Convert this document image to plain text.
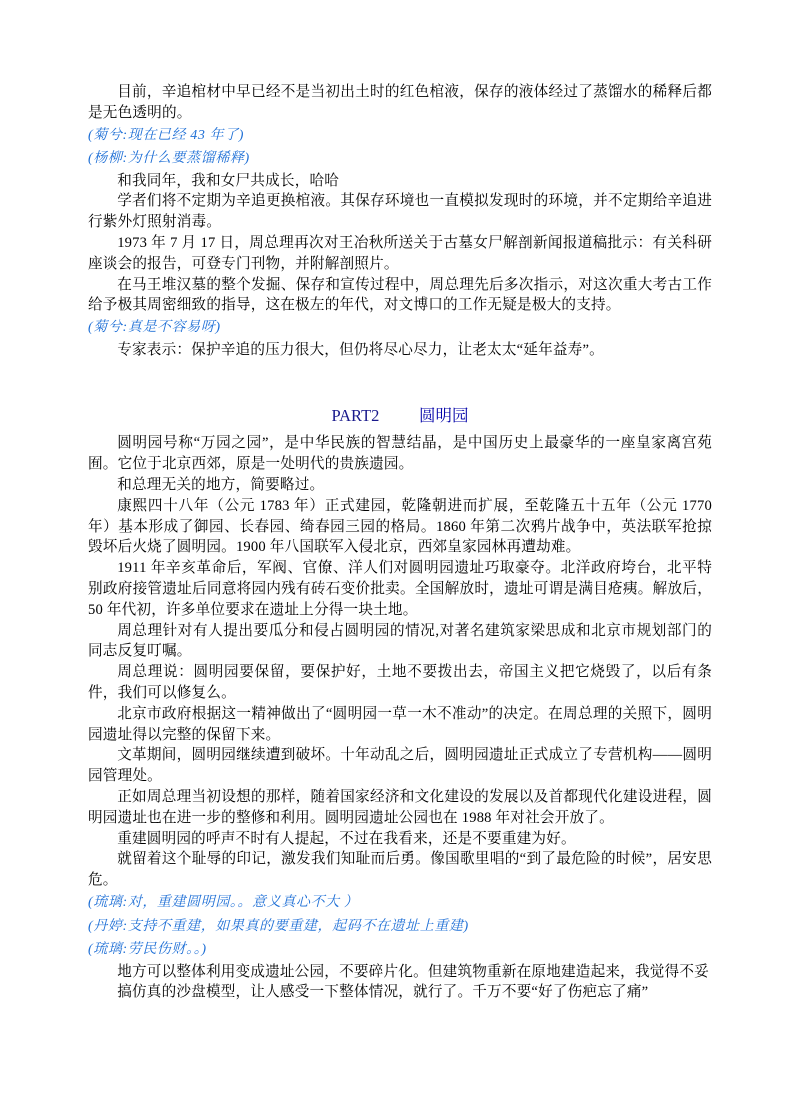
目前，辛追棺材中早已经不是当初出土时的红色棺液，保存的液体经过了蒸馏水的稀释后都是无色透明的。

(菊兮:现在已经 43 年了)

(杨柳:为什么要蒸馏稀释)

和我同年，我和女尸共成长，哈哈

学者们将不定期为辛追更换棺液。其保存环境也一直模拟发现时的环境，并不定期给辛追进行紫外灯照射消毒。

1973 年 7 月 17 日，周总理再次对王冶秋所送关于古墓女尸解剖新闻报道稿批示：有关科研座谈会的报告，可登专门刊物，并附解剖照片。

在马王堆汉墓的整个发掘、保存和宣传过程中，周总理先后多次指示，对这次重大考古工作给予极其周密细致的指导，这在极左的年代，对文博口的工作无疑是极大的支持。

(菊兮:真是不容易呀)

专家表示：保护辛追的压力很大，但仍将尽心尽力，让老太太“延年益寿”。

PART2 圆明园

圆明园号称“万园之园”，是中华民族的智慧结晶，是中国历史上最豪华的一座皇家离宫苑囿。它位于北京西郊，原是一处明代的贵族遗园。

和总理无关的地方，简要略过。

康熙四十八年（公元 1783 年）正式建园，乾隆朝进而扩展，至乾隆五十五年（公元 1770 年）基本形成了御园、长春园、绮春园三园的格局。1860 年第二次鸦片战争中，英法联军抢掠毁坏后火烧了圆明园。1900 年八国联军入侵北京，西郊皇家园林再遭劫难。

1911 年辛亥革命后，军阀、官僚、洋人们对圆明园遗址巧取豪夺。北洋政府垮台，北平特别政府接管遗址后同意将园内残有砖石变价批卖。全国解放时，遗址可谓是满目疮痍。解放后，50 年代初，许多单位要求在遗址上分得一块土地。

周总理针对有人提出要瓜分和侵占圆明园的情况,对著名建筑家梁思成和北京市规划部门的同志反复叮嘱。

周总理说：圆明园要保留，要保护好，土地不要拨出去，帝国主义把它烧毁了，以后有条件，我们可以修复么。

北京市政府根据这一精神做出了“圆明园一草一木不准动”的决定。在周总理的关照下，圆明园遗址得以完整的保留下来。

文革期间，圆明园继续遭到破坏。十年动乱之后，圆明园遗址正式成立了专营机构——圆明园管理处。

正如周总理当初设想的那样，随着国家经济和文化建设的发展以及首都现代化建设进程，圆明园遗址也在进一步的整修和利用。圆明园遗址公园也在 1988 年对社会开放了。

重建圆明园的呼声不时有人提起，不过在我看来，还是不要重建为好。

就留着这个耻辱的印记，激发我们知耻而后勇。像国歌里唱的“到了最危险的时候”，居安思危。

(琉璃:对，重建圆明园。。意义真心不大 ）

(丹婷:支持不重建，如果真的要重建，起码不在遗址上重建)

(琉璃:劳民伤财。。)

地方可以整体利用变成遗址公园，不要碎片化。但建筑物重新在原地建造起来，我觉得不妥

搞仿真的沙盘模型，让人感受一下整体情况，就行了。千万不要“好了伤疤忘了痛”
